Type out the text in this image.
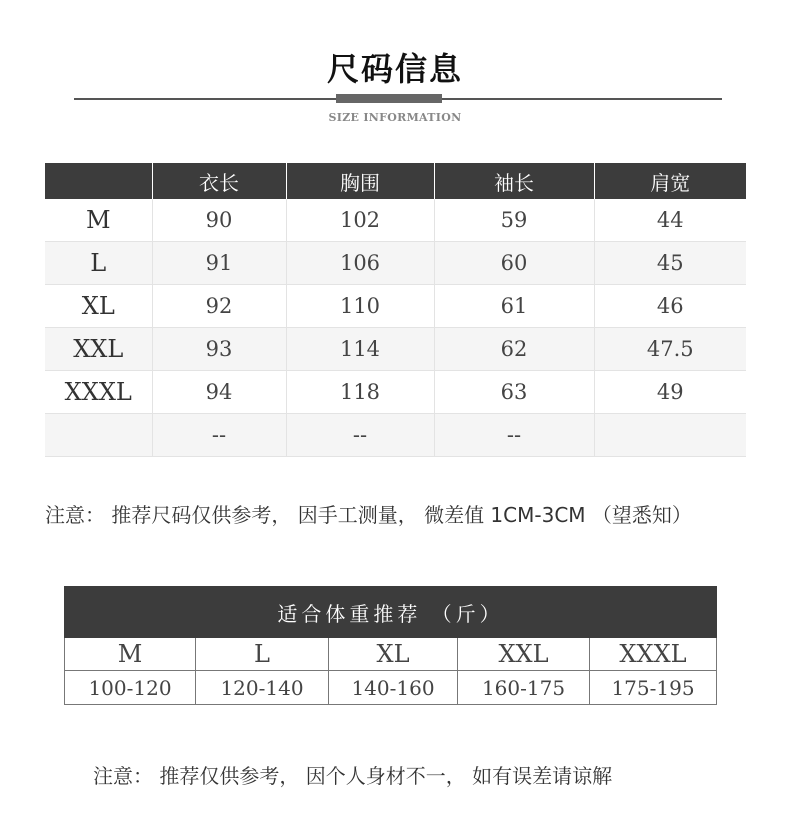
尺码信息
SIZE INFORMATION
	衣长	胸围	袖长	肩宽
M	90	102	59	44
L	91	106	60	45
XL	92	110	61	46
XXL	93	114	62	47.5
XXXL	94	118	63	49
	--	--	--	
注意： 推荐尺码仅供参考， 因手工测量， 微差值 1CM-3CM （望悉知）
适合体重推荐 （斤）				
M	L	XL	XXL	XXXL
100-120	120-140	140-160	160-175	175-195
注意： 推荐仅供参考， 因个人身材不一， 如有误差请谅解
